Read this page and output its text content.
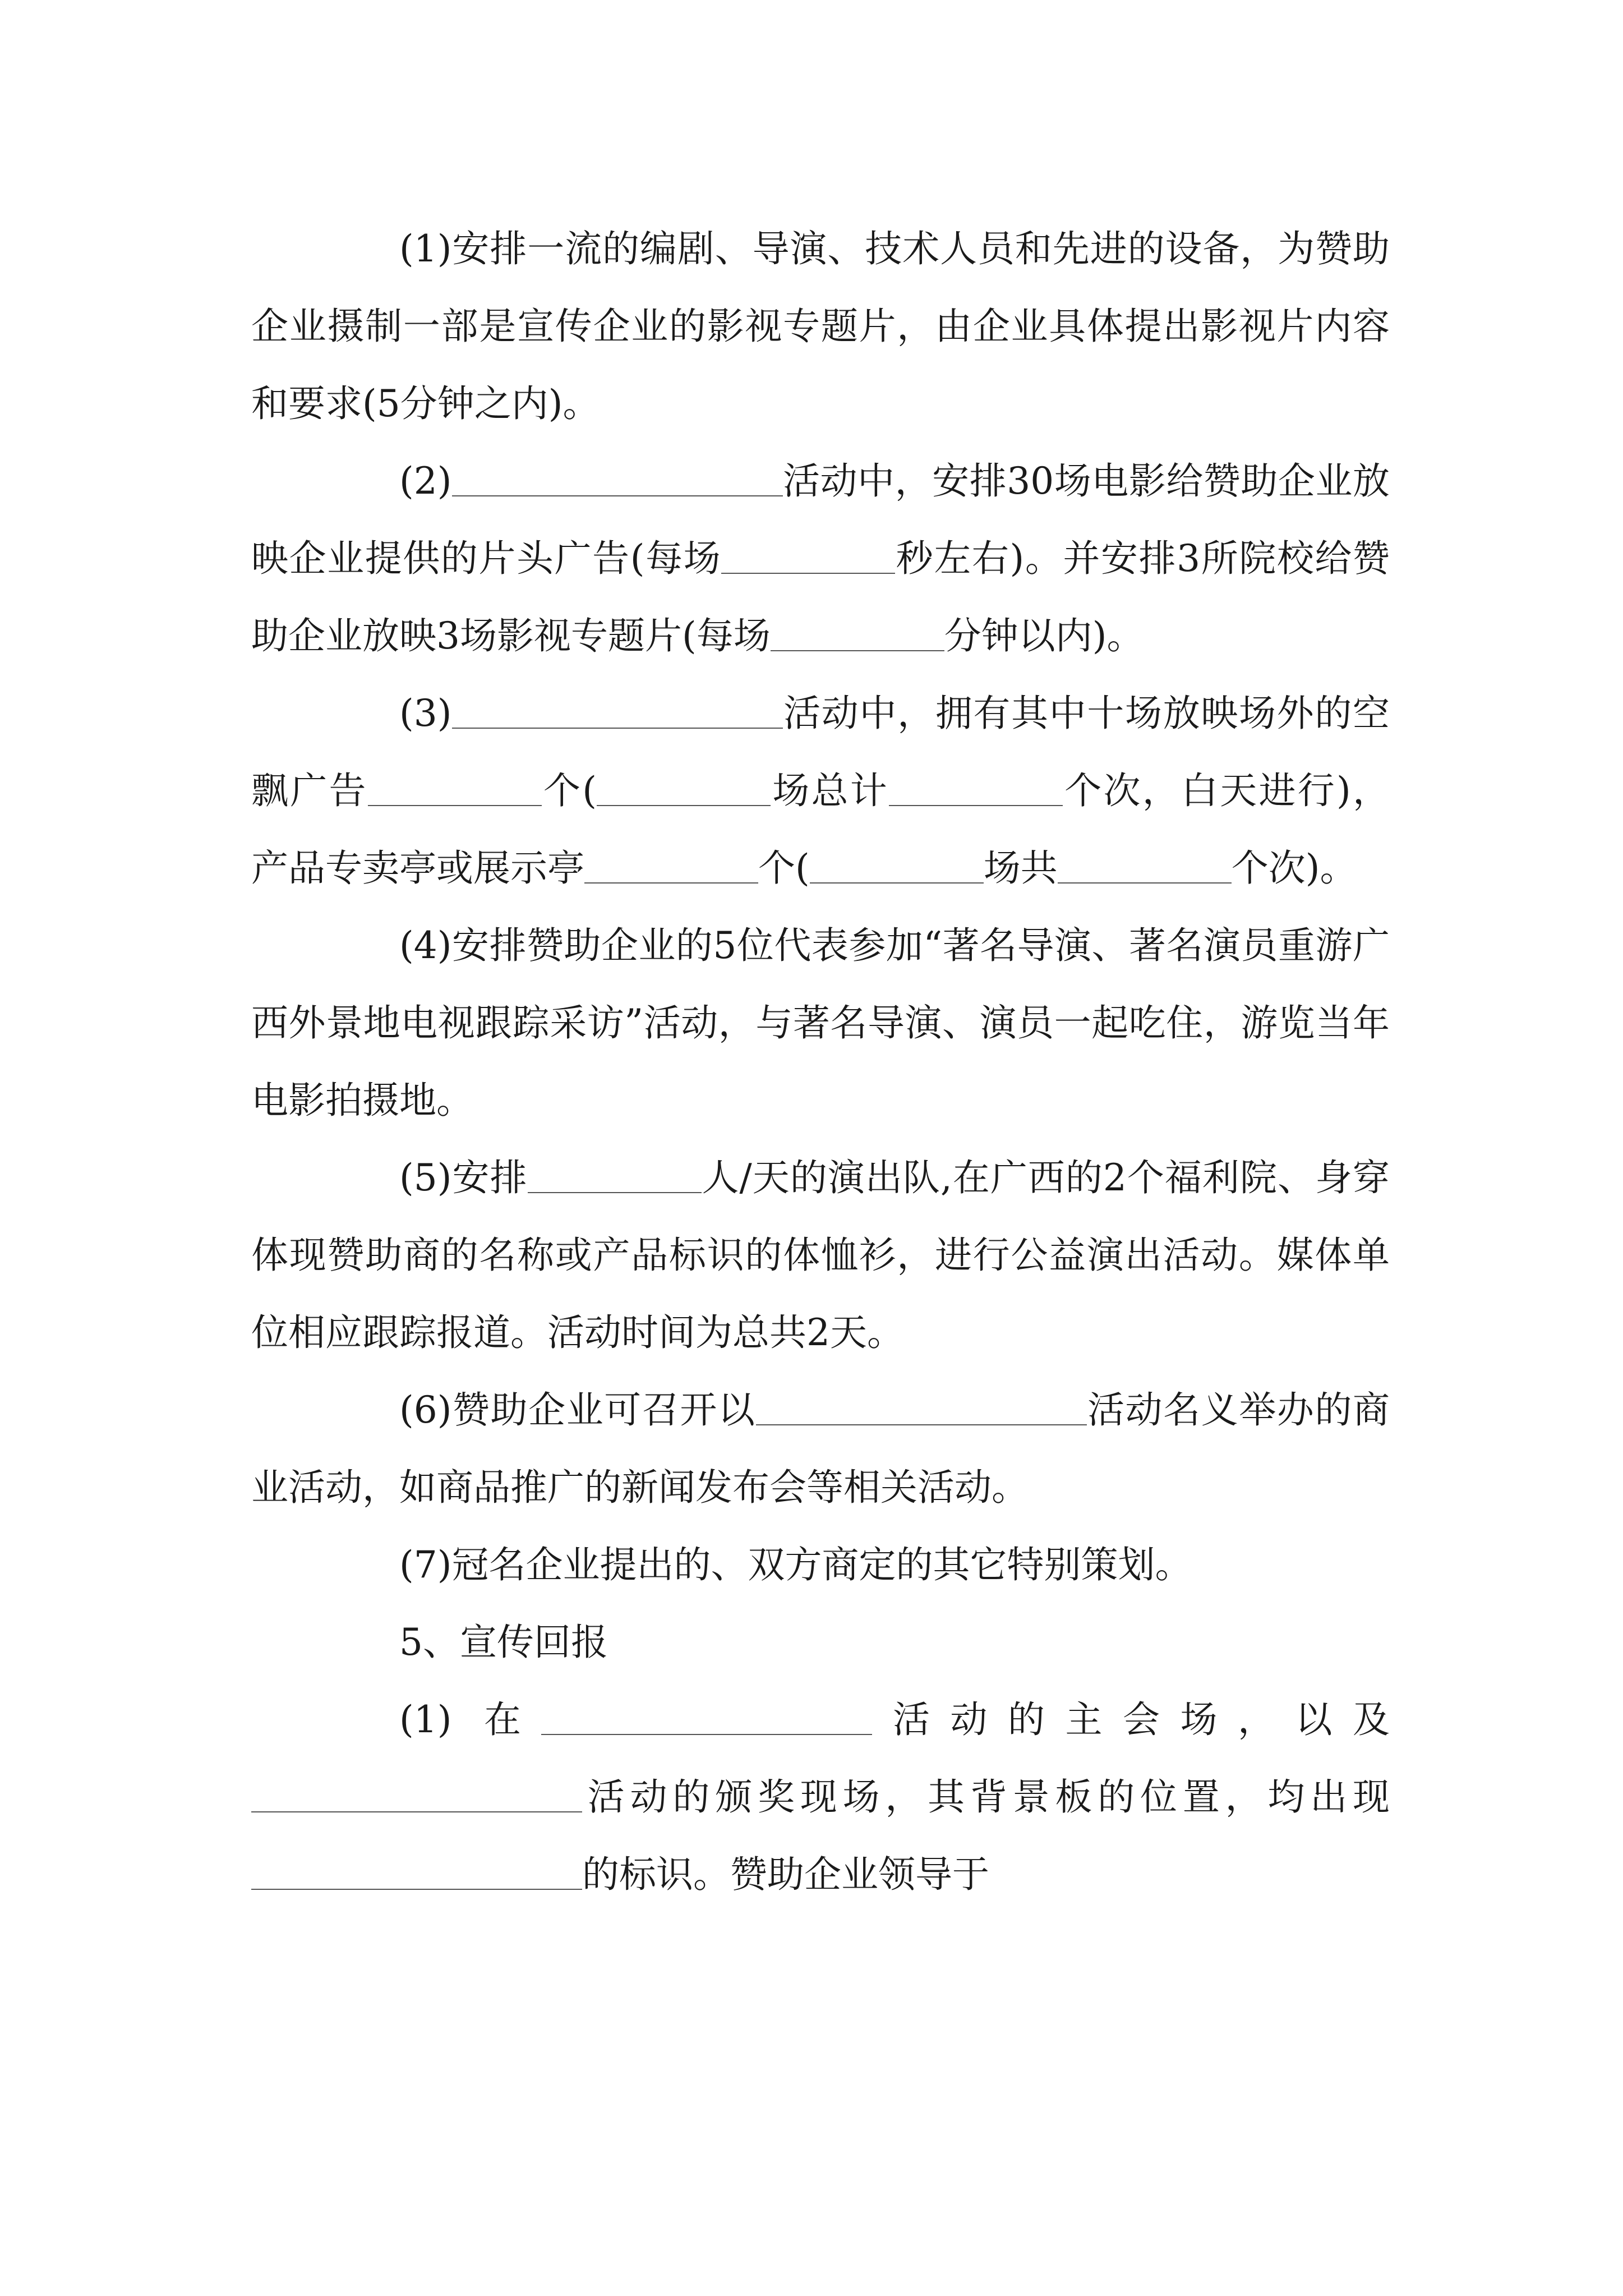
(1)安排一流的编剧、导演、技术人员和先进的设备，为赞助企业摄制一部是宣传企业的影视专题片，由企业具体提出影视片内容和要求(5分钟之内)。

(2)	活动中，安排30场电影给赞助企业放映企业提供的片头广告(每场	秒左右)。并安排3所院校给赞助企业放映3场影视专题片(每场	分钟以内)。

(3)	活动中，拥有其中十场放映场外的空飘广告	个(	场总计	个次，白天进行)，产品专卖亭或展示亭	个(	场共	个次)。

(4)安排赞助企业的5位代表参加“著名导演、著名演员重游广西外景地电视跟踪采访”活动，与著名导演、演员一起吃住，游览当年电影拍摄地。

(5)安排	人/天的演出队,在广西的2个福利院、身穿体现赞助商的名称或产品标识的体恤衫，进行公益演出活动。媒体单位相应跟踪报道。活动时间为总共2天。

(6)赞助企业可召开以	活动名义举办的商业活动，如商品推广的新闻发布会等相关活动。

(7)冠名企业提出的、双方商定的其它特别策划。

5、宣传回报

(1) 在	活动的主会场，以及活动的颁奖现场，其背景板的位置，均出现的标识。赞助企业领导于
